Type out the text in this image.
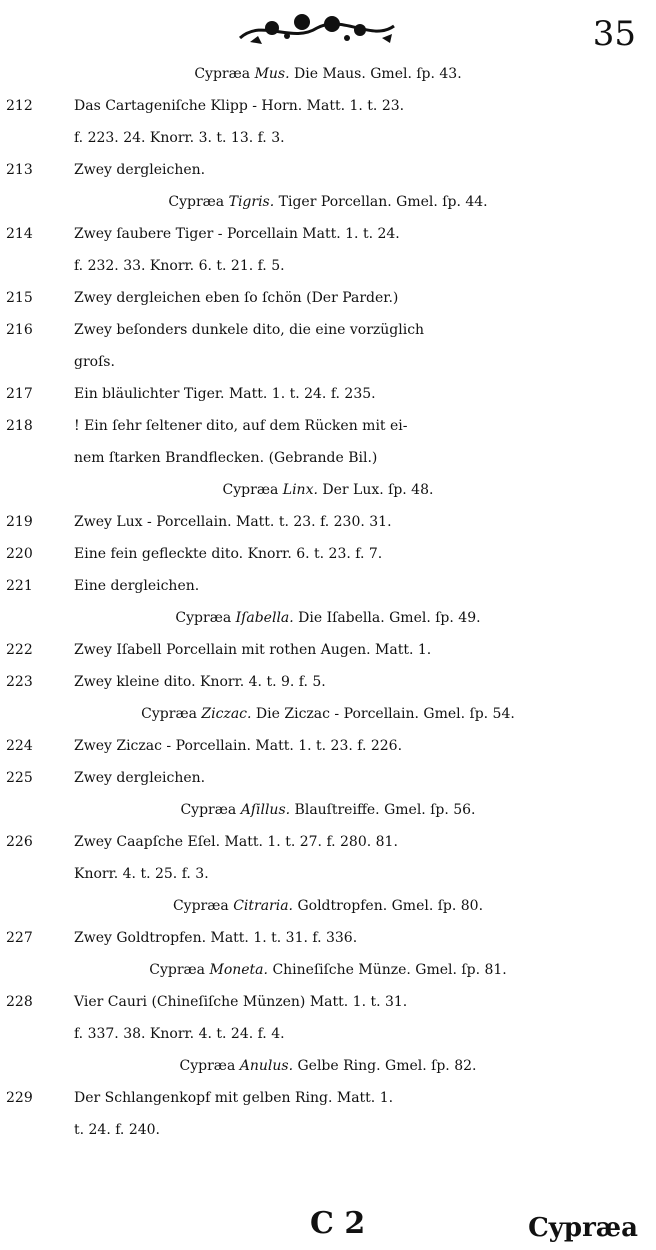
35
Cypræa Mus. Die Maus. Gmel. ſp. 43.
212	Das Cartageniſche Klipp - Horn. Matt. 1. t. 23.
f. 223. 24. Knorr. 3. t. 13. f. 3.
213	Zwey dergleichen.
Cypræa Tigris. Tiger Porcellan. Gmel. ſp. 44.
214	Zwey ſaubere Tiger - Porcellain Matt. 1. t. 24.
f. 232. 33. Knorr. 6. t. 21. f. 5.
215	Zwey dergleichen eben ſo ſchön (Der Parder.)
216	Zwey beſonders dunkele dito, die eine vorzüglich
groſs.
217	Ein bläulichter Tiger. Matt. 1. t. 24. f. 235.
218	! Ein ſehr ſeltener dito, auf dem Rücken mit ei-
nem ſtarken Brandflecken. (Gebrande Bil.)
Cypræa Linx. Der Lux. ſp. 48.
219	Zwey Lux - Porcellain. Matt. t. 23. f. 230. 31.
220	Eine fein gefleckte dito. Knorr. 6. t. 23. f. 7.
221	Eine dergleichen.
Cypræa Iſabella. Die Iſabella. Gmel. ſp. 49.
222	Zwey Iſabell Porcellain mit rothen Augen. Matt. 1.
223	Zwey kleine dito. Knorr. 4. t. 9. f. 5.
Cypræa Ziczac. Die Ziczac - Porcellain. Gmel. ſp. 54.
224	Zwey Ziczac - Porcellain. Matt. 1. t. 23. f. 226.
225	Zwey dergleichen.
Cypræa Aſillus. Blauſtreiffe. Gmel. ſp. 56.
226	Zwey Caapſche Eſel. Matt. 1. t. 27. f. 280. 81.
Knorr. 4. t. 25. f. 3.
Cypræa Citraria. Goldtropfen. Gmel. ſp. 80.
227	Zwey Goldtropfen. Matt. 1. t. 31. f. 336.
Cypræa Moneta. Chineſiſche Münze. Gmel. ſp. 81.
228	Vier Cauri (Chineſiſche Münzen) Matt. 1. t. 31.
f. 337. 38. Knorr. 4. t. 24. f. 4.
Cypræa Anulus. Gelbe Ring. Gmel. ſp. 82.
229	Der Schlangenkopf mit gelben Ring. Matt. 1.
t. 24. f. 240.
C 2	Cypræa
